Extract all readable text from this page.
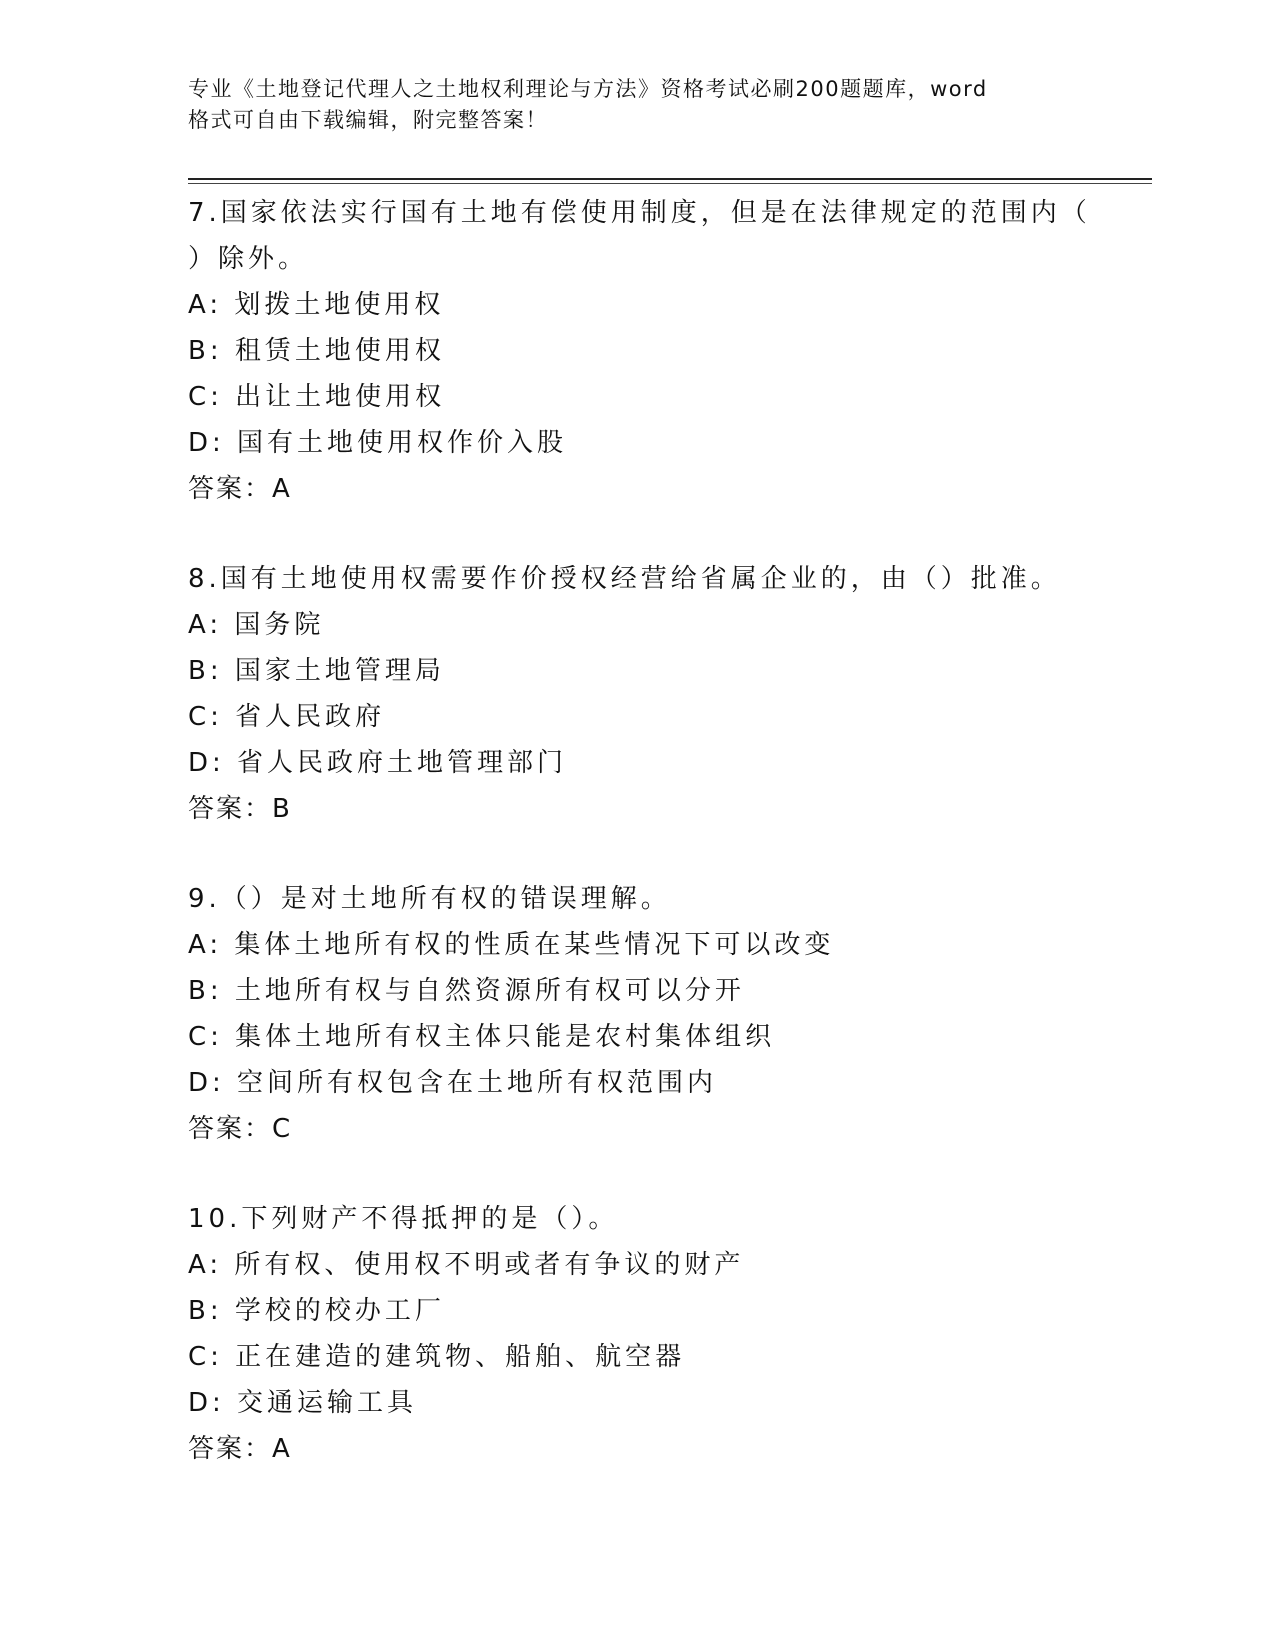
专业《土地登记代理人之土地权利理论与方法》资格考试必刷200题题库，word
格式可自由下载编辑，附完整答案！
7.国家依法实行国有土地有偿使用制度，但是在法律规定的范围内（
）除外。
A: 划拨土地使用权
B: 租赁土地使用权
C: 出让土地使用权
D: 国有土地使用权作价入股
答案：A
8.国有土地使用权需要作价授权经营给省属企业的，由（）批准。
A: 国务院
B: 国家土地管理局
C: 省人民政府
D: 省人民政府土地管理部门
答案：B
9.（）是对土地所有权的错误理解。
A: 集体土地所有权的性质在某些情况下可以改变
B: 土地所有权与自然资源所有权可以分开
C: 集体土地所有权主体只能是农村集体组织
D: 空间所有权包含在土地所有权范围内
答案：C
10.下列财产不得抵押的是（）。
A: 所有权、使用权不明或者有争议的财产
B: 学校的校办工厂
C: 正在建造的建筑物、船舶、航空器
D: 交通运输工具
答案：A
